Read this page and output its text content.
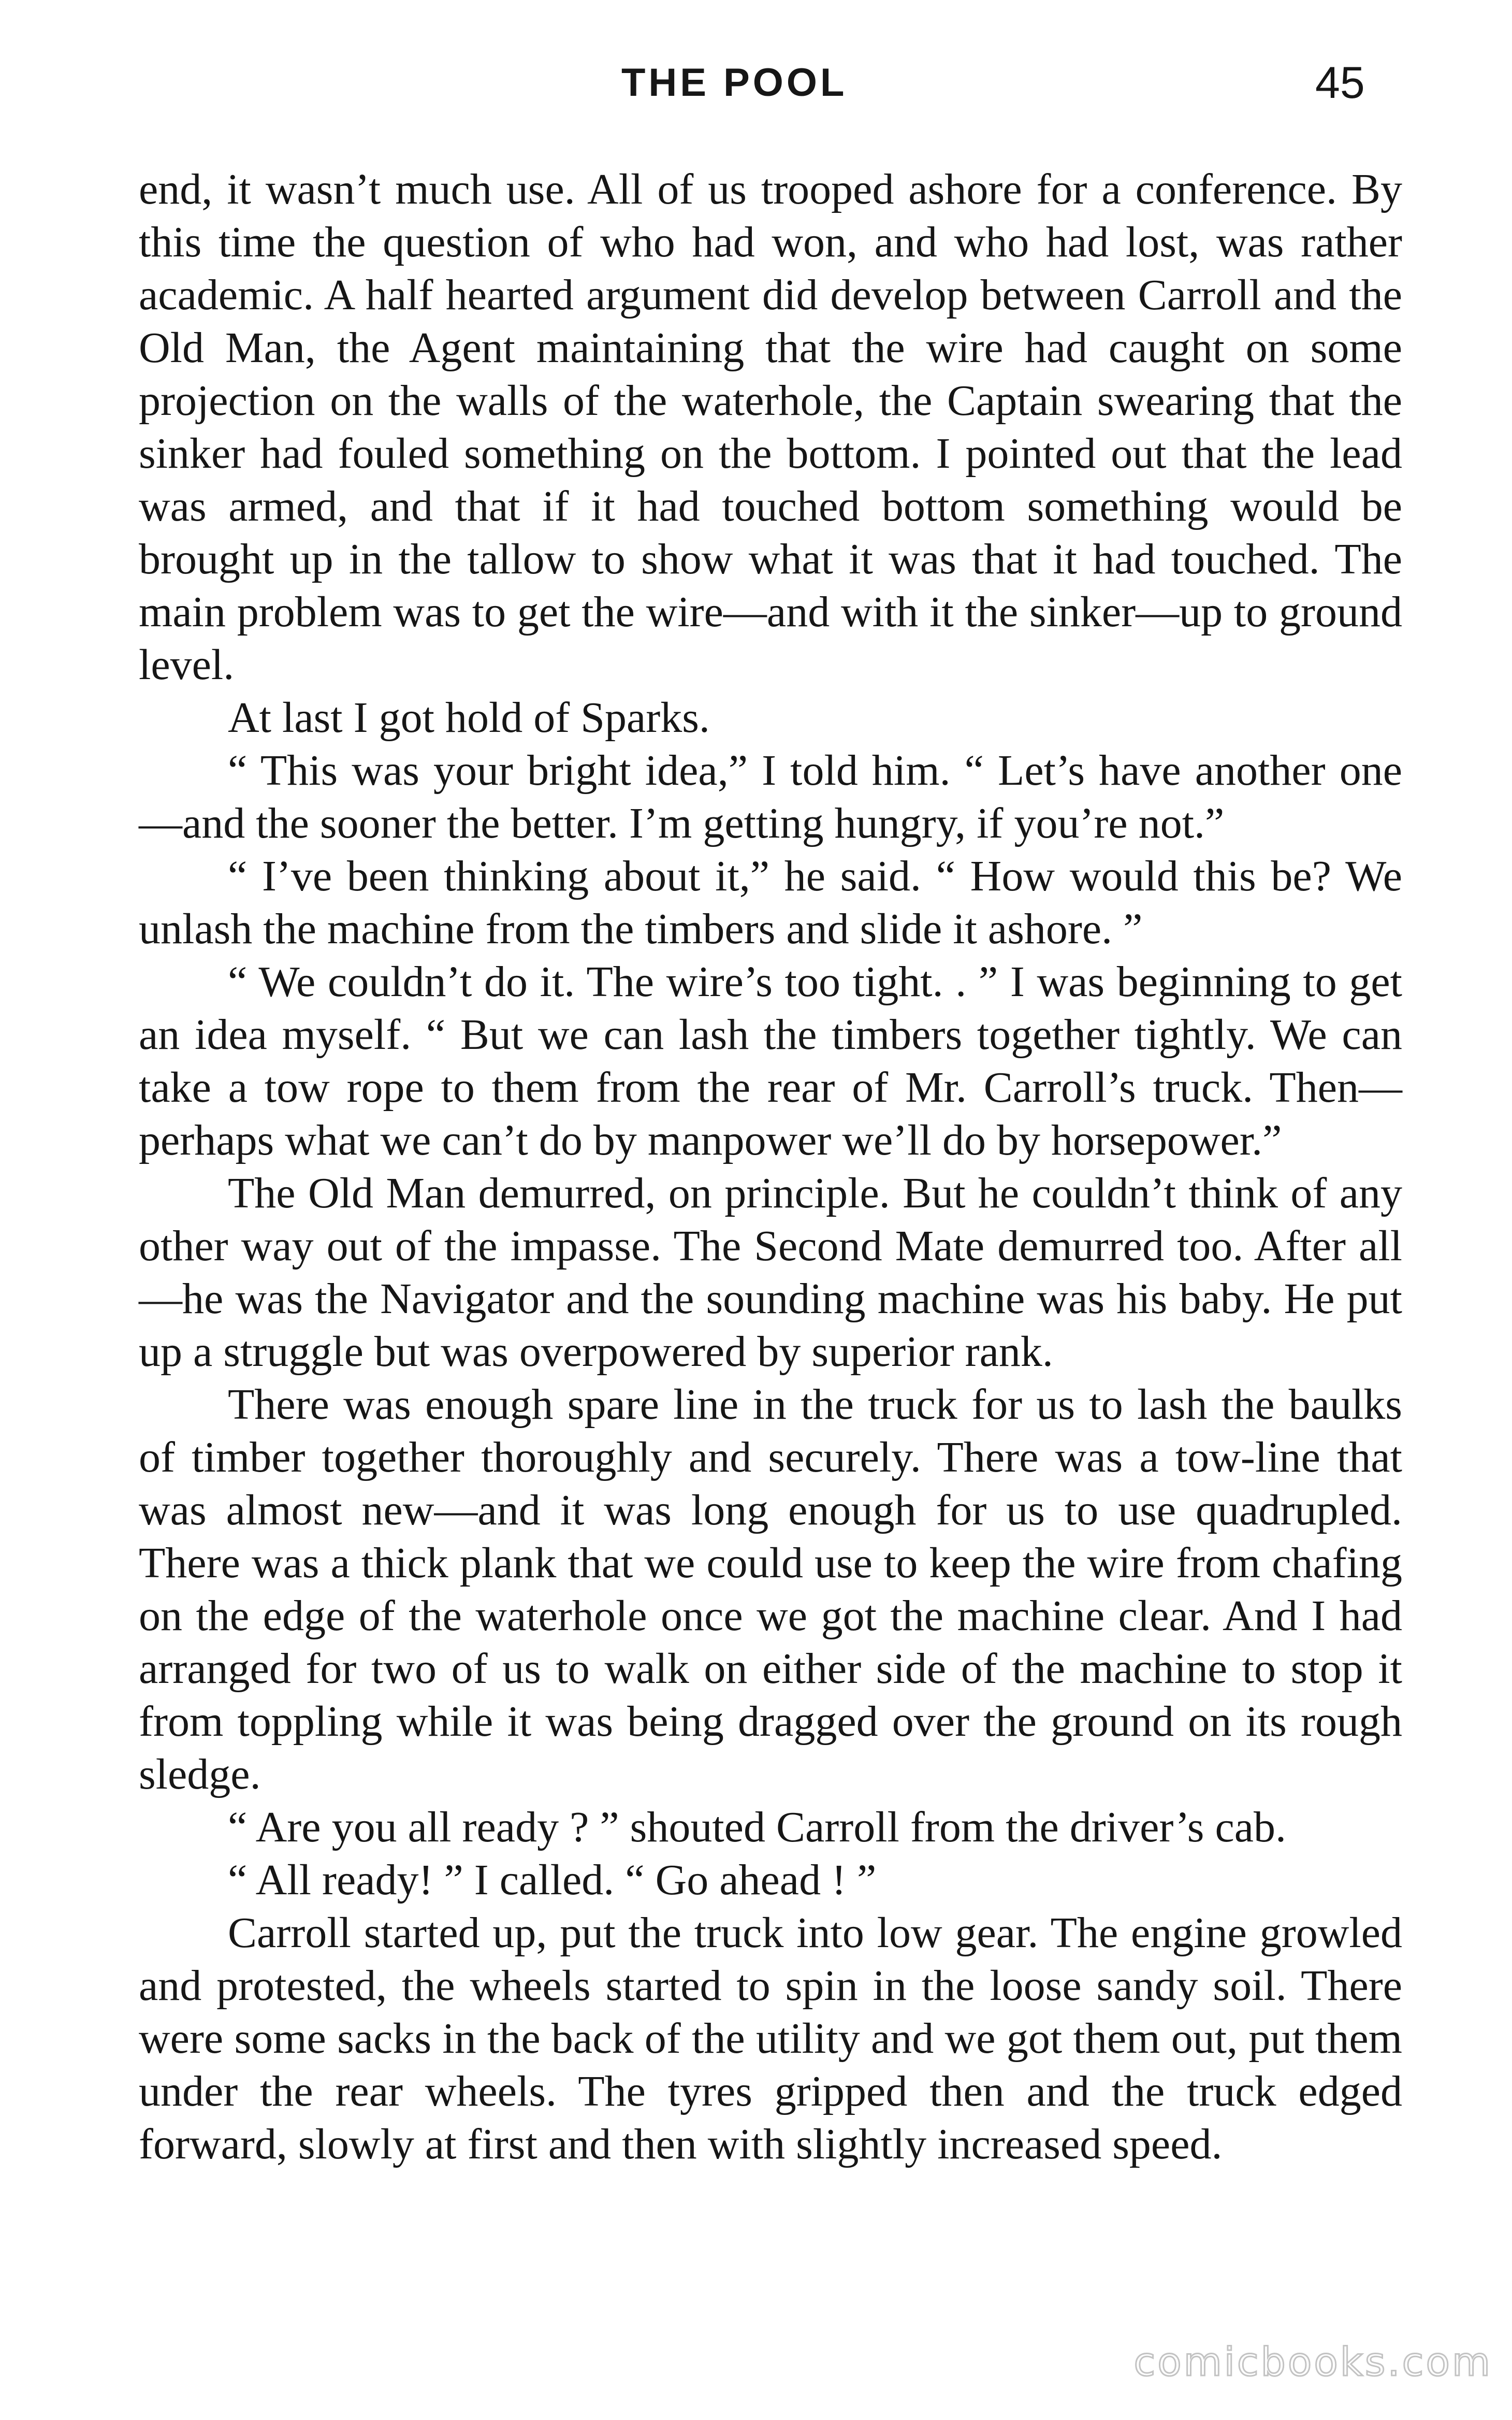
THE POOL	45

end, it wasn’t much use. All of us trooped ashore for a conference. By this time the question of who had won, and who had lost, was rather academic. A half hearted argument did develop between Carroll and the Old Man, the Agent maintaining that the wire had caught on some projection on the walls of the waterhole, the Captain swearing that the sinker had fouled something on the bottom. I pointed out that the lead was armed, and that if it had touched bottom something would be brought up in the tallow to show what it was that it had touched. The main problem was to get the wire—and with it the sinker—up to ground level.

At last I got hold of Sparks.

“ This was your bright idea,” I told him. “ Let’s have another one—and the sooner the better. I’m getting hungry, if you’re not.”

“ I’ve been thinking about it,” he said. “ How would this be? We unlash the machine from the timbers and slide it ashore. ”

“ We couldn’t do it. The wire’s too tight. . ” I was beginning to get an idea myself. “ But we can lash the timbers together tightly. We can take a tow rope to them from the rear of Mr. Carroll’s truck. Then—perhaps what we can’t do by manpower we’ll do by horsepower.”

The Old Man demurred, on principle. But he couldn’t think of any other way out of the impasse. The Second Mate demurred too. After all—he was the Navigator and the sounding machine was his baby. He put up a struggle but was overpowered by superior rank.

There was enough spare line in the truck for us to lash the baulks of timber together thoroughly and securely. There was a tow-line that was almost new—and it was long enough for us to use quadrupled. There was a thick plank that we could use to keep the wire from chafing on the edge of the waterhole once we got the machine clear. And I had arranged for two of us to walk on either side of the machine to stop it from toppling while it was being dragged over the ground on its rough sledge.

“ Are you all ready ? ” shouted Carroll from the driver’s cab.

“ All ready! ” I called. “ Go ahead ! ”

Carroll started up, put the truck into low gear. The engine growled and protested, the wheels started to spin in the loose sandy soil. There were some sacks in the back of the utility and we got them out, put them under the rear wheels. The tyres gripped then and the truck edged forward, slowly at first and then with slightly increased speed.

comicbooks.com
